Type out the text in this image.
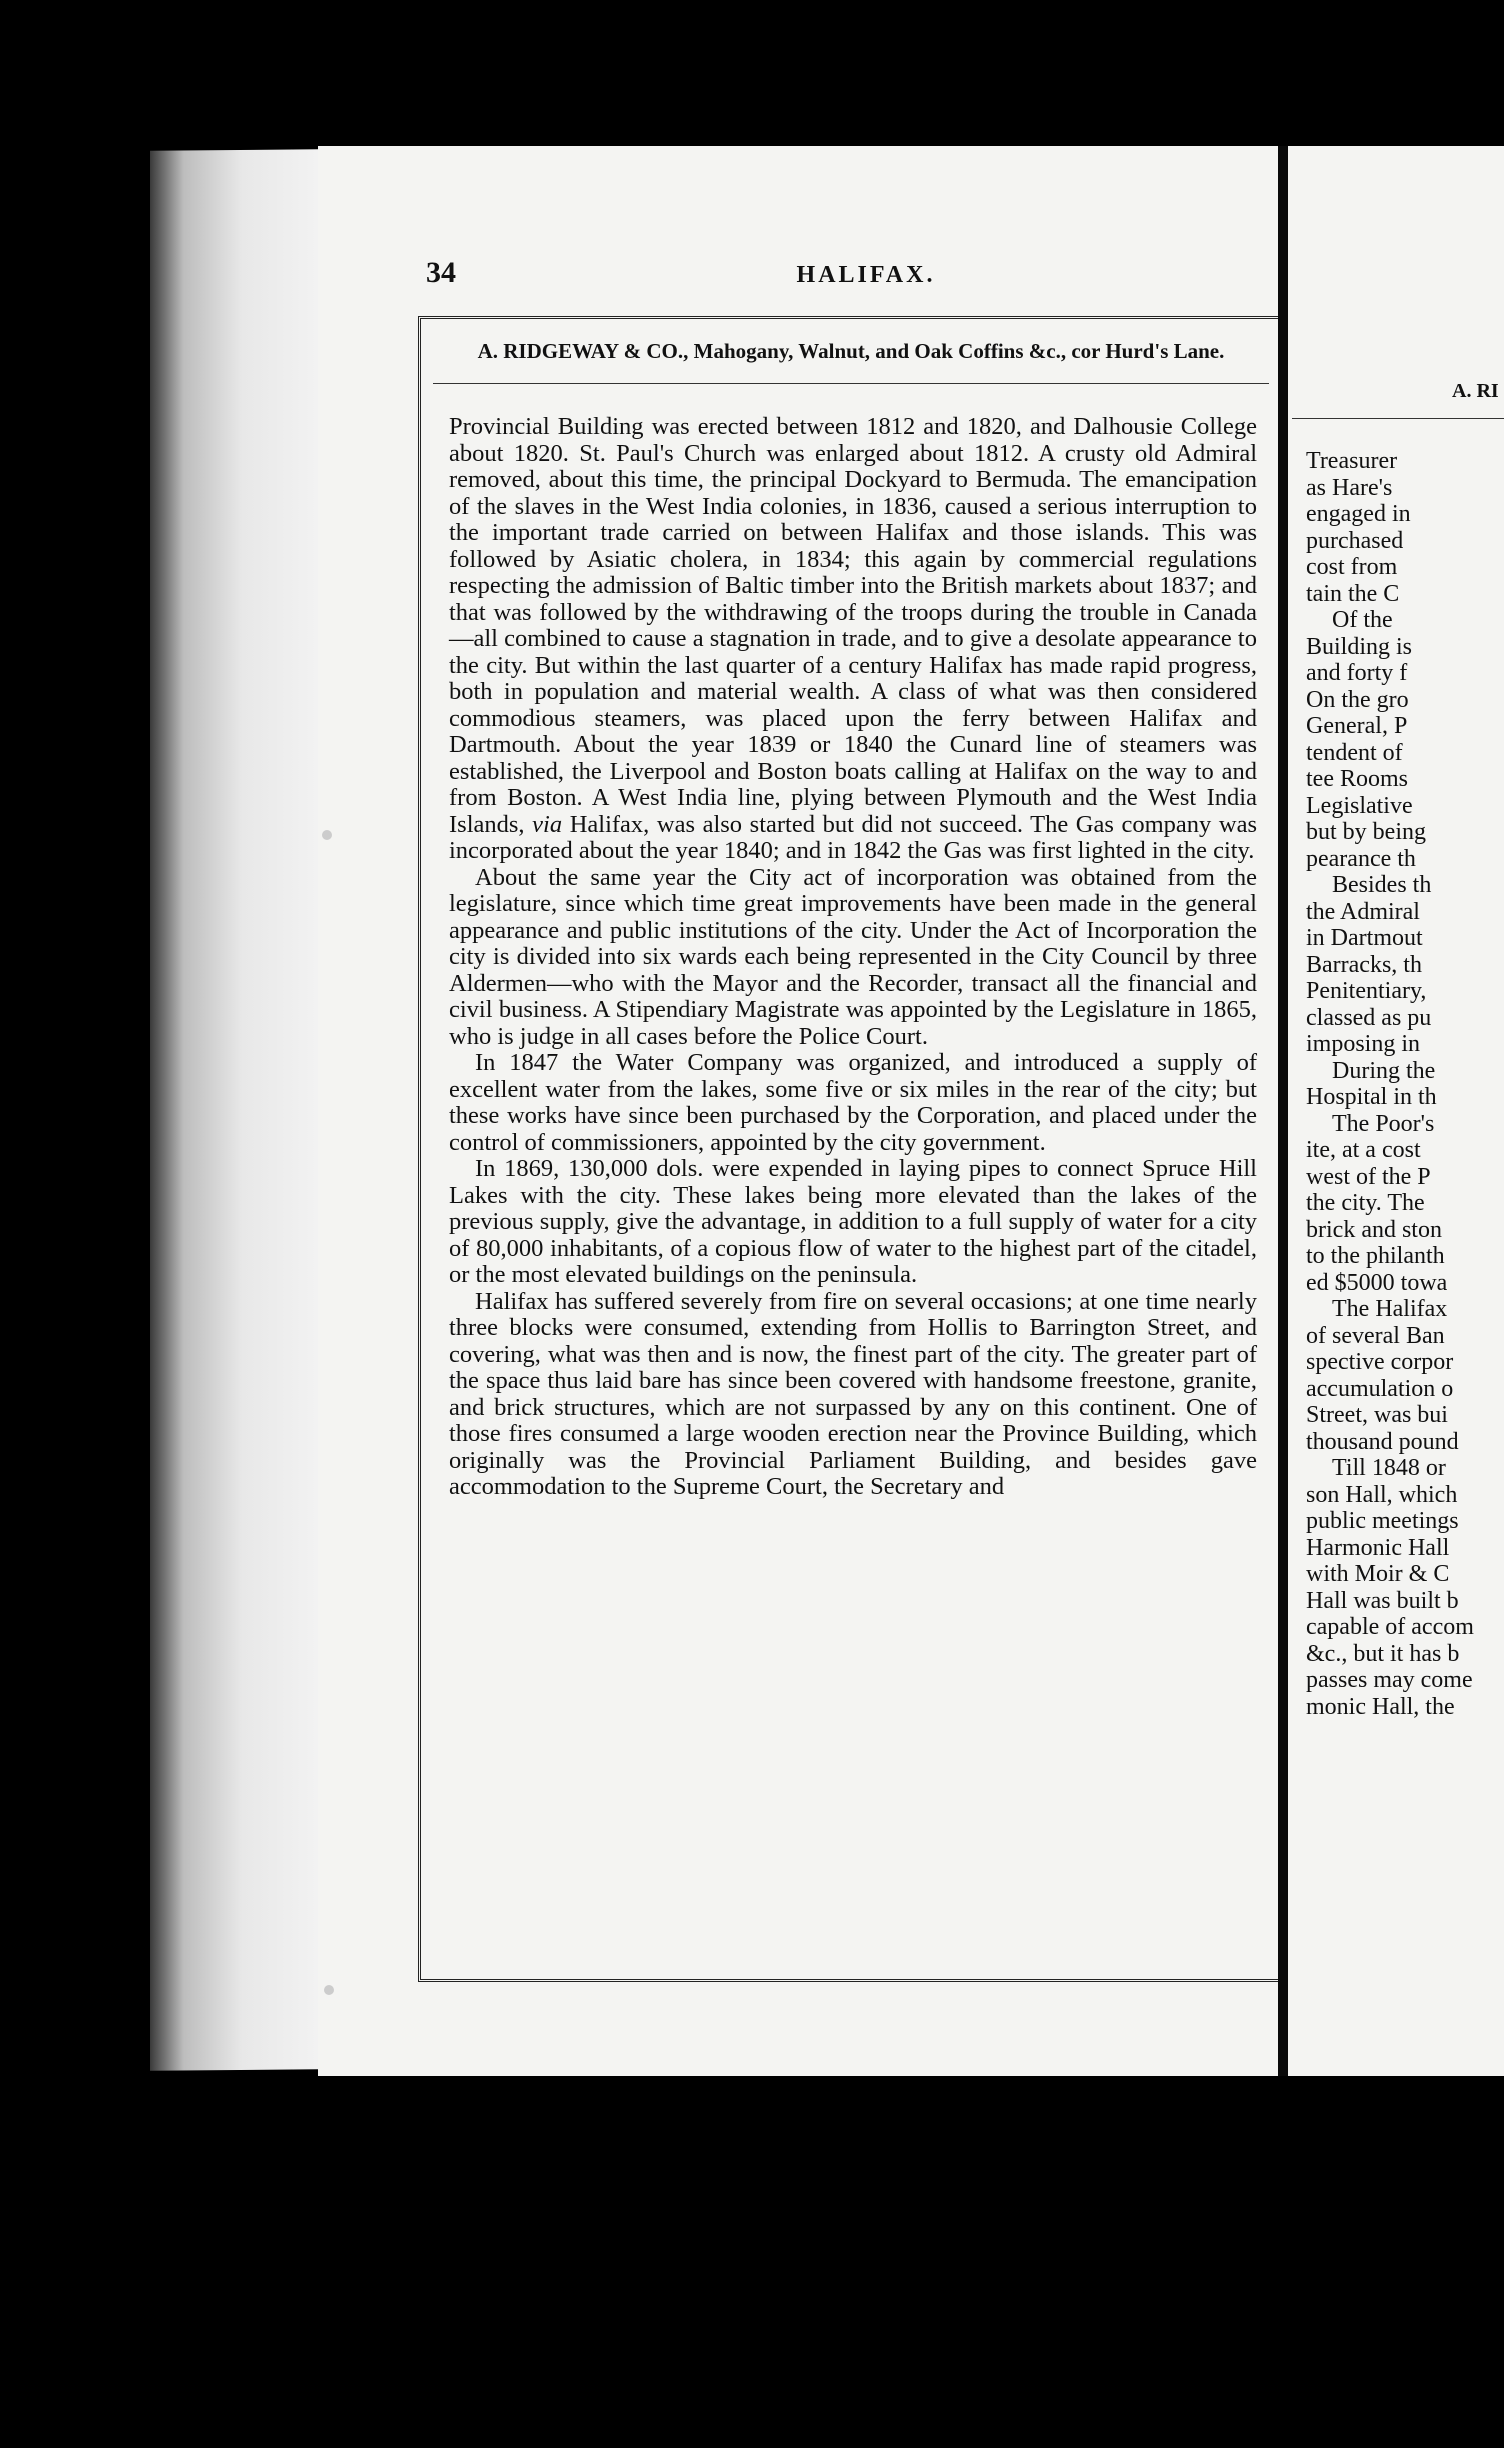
34	HALIFAX.
A. RIDGEWAY & CO., Mahogany, Walnut, and Oak Coffins &c., cor Hurd's Lane.

Provincial Building was erected between 1812 and 1820, and Dalhousie College about 1820. St. Paul's Church was enlarged about 1812. A crusty old Admiral removed, about this time, the principal Dockyard to Bermuda. The emancipation of the slaves in the West India colonies, in 1836, caused a serious interruption to the important trade carried on between Halifax and those islands. This was followed by Asiatic cholera, in 1834; this again by commercial regulations respecting the admission of Baltic timber into the British markets about 1837; and that was followed by the withdrawing of the troops during the trouble in Canada—all combined to cause a stagnation in trade, and to give a desolate appearance to the city. But within the last quarter of a century Halifax has made rapid progress, both in population and material wealth. A class of what was then considered commodious steamers, was placed upon the ferry between Halifax and Dartmouth. About the year 1839 or 1840 the Cunard line of steamers was established, the Liverpool and Boston boats calling at Halifax on the way to and from Boston. A West India line, plying between Plymouth and the West India Islands, via Halifax, was also started but did not succeed. The Gas company was incorporated about the year 1840; and in 1842 the Gas was first lighted in the city.

About the same year the City act of incorporation was obtained from the legislature, since which time great improvements have been made in the general appearance and public institutions of the city. Under the Act of Incorporation the city is divided into six wards each being represented in the City Council by three Aldermen—who with the Mayor and the Recorder, transact all the financial and civil business. A Stipendiary Magistrate was appointed by the Legislature in 1865, who is judge in all cases before the Police Court.

In 1847 the Water Company was organized, and introduced a supply of excellent water from the lakes, some five or six miles in the rear of the city; but these works have since been purchased by the Corporation, and placed under the control of commissioners, appointed by the city government.

In 1869, 130,000 dols. were expended in laying pipes to connect Spruce Hill Lakes with the city. These lakes being more elevated than the lakes of the previous supply, give the advantage, in addition to a full supply of water for a city of 80,000 inhabitants, of a copious flow of water to the highest part of the citadel, or the most elevated buildings on the peninsula.

Halifax has suffered severely from fire on several occasions; at one time nearly three blocks were consumed, extending from Hollis to Barrington Street, and covering, what was then and is now, the finest part of the city. The greater part of the space thus laid bare has since been covered with handsome freestone, granite, and brick structures, which are not surpassed by any on this continent. One of those fires consumed a large wooden erection near the Province Building, which originally was the Provincial Parliament Building, and besides gave accommodation to the Supreme Court, the Secretary and

A. RI
Treasurer
as Hare's
engaged in
purchased
cost from
tain the C
Of the
Building is
and forty f
On the gro
General, P
tendent of
tee Rooms
Legislative
but by being
pearance th
Besides th
the Admiral
in Dartmout
Barracks, th
Penitentiary,
classed as pu
imposing in
During the
Hospital in th
The Poor's
ite, at a cost
west of the P
the city. The
brick and ston
to the philanth
ed $5000 towa
The Halifax
of several Ban
spective corpor
accumulation o
Street, was bui
thousand pound
Till 1848 or
son Hall, which
public meetings
Harmonic Hall
with Moir & C
Hall was built b
capable of accom
&c., but it has b
passes may come
monic Hall, the
